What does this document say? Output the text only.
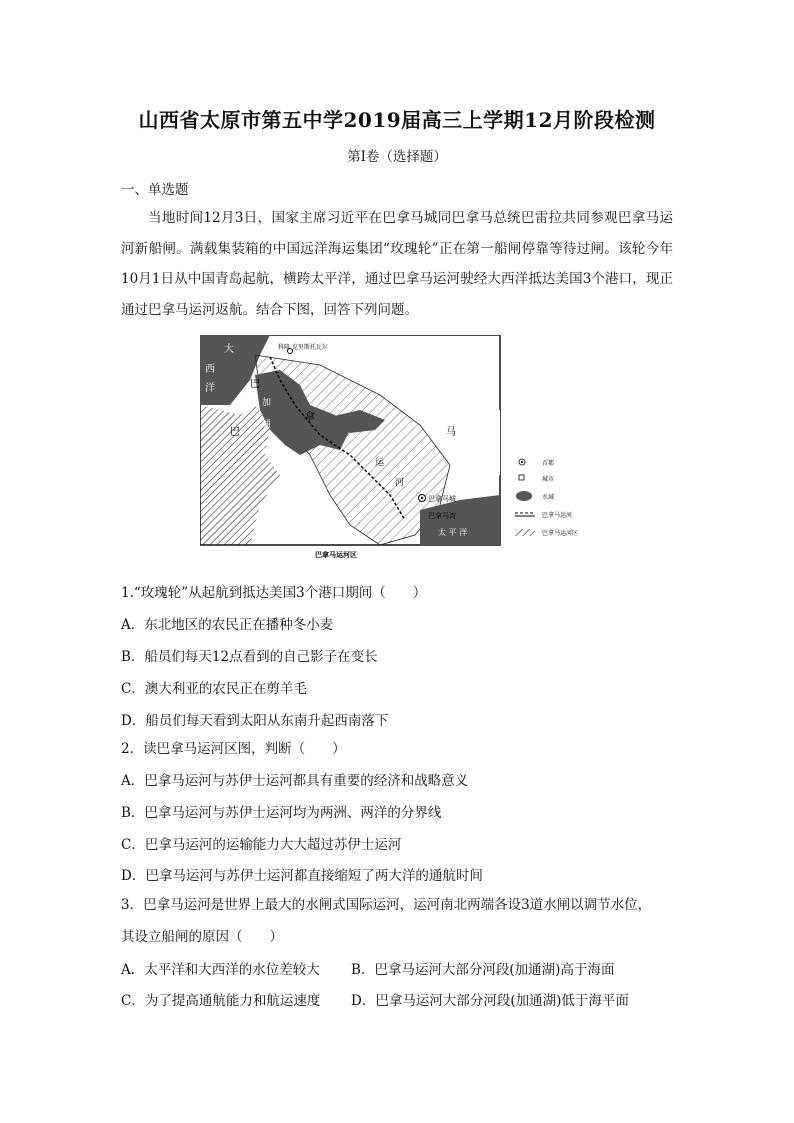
山西省太原市第五中学2019届高三上学期12月阶段检测
第Ⅰ卷（选择题）
一、单选题
当地时间12月3日，国家主席习近平在巴拿马城同巴拿马总统巴雷拉共同参观巴拿马运河新船闸。满载集装箱的中国远洋海运集团“玫瑰轮”正在第一船闸停靠等待过闸。该轮今年10月1日从中国青岛起航，横跨太平洋，通过巴拿马运河驶经大西洋抵达美国3个港口，现正通过巴拿马运河返航。结合下图，回答下列问题。
科隆 克里斯托瓦尔
大
西
洋	巴
巴
加
通
湖
拿
马
运
河
巴拿马城
巴拿马湾
太 平 洋
巴拿马运河区
首都
城市
水域
巴拿马运河
巴拿马运河区
1.“玫瑰轮”从起航到抵达美国3个港口期间（　　）
A．东北地区的农民正在播种冬小麦
B．船员们每天12点看到的自己影子在变长
C．澳大利亚的农民正在剪羊毛
D．船员们每天看到太阳从东南升起西南落下
2．读巴拿马运河区图，判断（　　）
A．巴拿马运河与苏伊士运河都具有重要的经济和战略意义
B．巴拿马运河与苏伊士运河均为两洲、两洋的分界线
C．巴拿马运河的运输能力大大超过苏伊士运河
D．巴拿马运河与苏伊士运河都直接缩短了两大洋的通航时间
3．巴拿马运河是世界上最大的水闸式国际运河，运河南北两端各设3道水闸以调节水位，
其设立船闸的原因（　　）
A．太平洋和大西洋的水位差较大 B．巴拿马运河大部分河段(加通湖)高于海面
C．为了提高通航能力和航运速度 D．巴拿马运河大部分河段(加通湖)低于海平面
